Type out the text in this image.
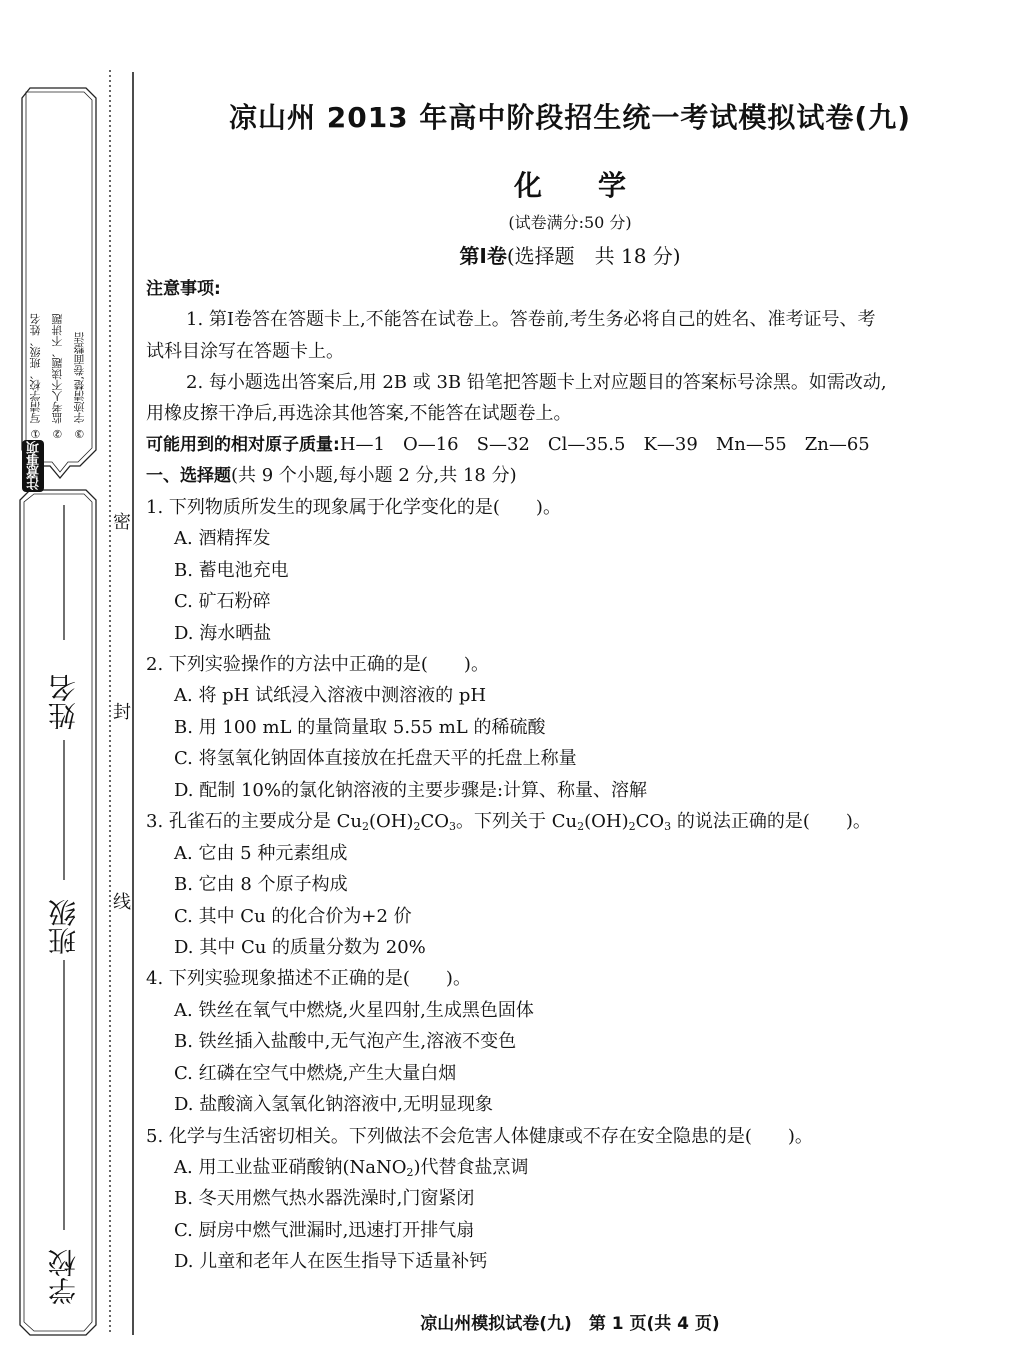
注意事项
① 写清学校、班级、姓名 ② 监考人不读题、不讲题 ③ 字迹清楚,卷面整洁
姓名
班级
学校
密
封
线
凉山州 2013 年高中阶段招生统一考试模拟试卷(九)
化　　学
(试卷满分:50 分)
第Ⅰ卷(选择题　共 18 分)
注意事项:
1. 第Ⅰ卷答在答题卡上,不能答在试卷上。答卷前,考生务必将自己的姓名、准考证号、考
试科目涂写在答题卡上。
2. 每小题选出答案后,用 2B 或 3B 铅笔把答题卡上对应题目的答案标号涂黑。如需改动,
用橡皮擦干净后,再选涂其他答案,不能答在试题卷上。
可能用到的相对原子质量:H—1　O—16　S—32　Cl—35.5　K—39　Mn—55　Zn—65
一、选择题(共 9 个小题,每小题 2 分,共 18 分)
1. 下列物质所发生的现象属于化学变化的是(　　)。
A. 酒精挥发
B. 蓄电池充电
C. 矿石粉碎
D. 海水晒盐
2. 下列实验操作的方法中正确的是(　　)。
A. 将 pH 试纸浸入溶液中测溶液的 pH
B. 用 100 mL 的量筒量取 5.55 mL 的稀硫酸
C. 将氢氧化钠固体直接放在托盘天平的托盘上称量
D. 配制 10%的氯化钠溶液的主要步骤是:计算、称量、溶解
3. 孔雀石的主要成分是 $Cu_2(OH)_2CO_3$。下列关于 $Cu_2(OH)_2CO_3$ 的说法正确的是(　　)。
A. 它由 5 种元素组成
B. 它由 8 个原子构成
C. 其中 Cu 的化合价为+2 价
D. 其中 Cu 的质量分数为 20%
4. 下列实验现象描述不正确的是(　　)。
A. 铁丝在氧气中燃烧,火星四射,生成黑色固体
B. 铁丝插入盐酸中,无气泡产生,溶液不变色
C. 红磷在空气中燃烧,产生大量白烟
D. 盐酸滴入氢氧化钠溶液中,无明显现象
5. 化学与生活密切相关。下列做法不会危害人体健康或不存在安全隐患的是(　　)。
A. 用工业盐亚硝酸钠(NaNO$_2$)代替食盐烹调
B. 冬天用燃气热水器洗澡时,门窗紧闭
C. 厨房中燃气泄漏时,迅速打开排气扇
D. 儿童和老年人在医生指导下适量补钙
凉山州模拟试卷(九)　第 1 页(共 4 页)
